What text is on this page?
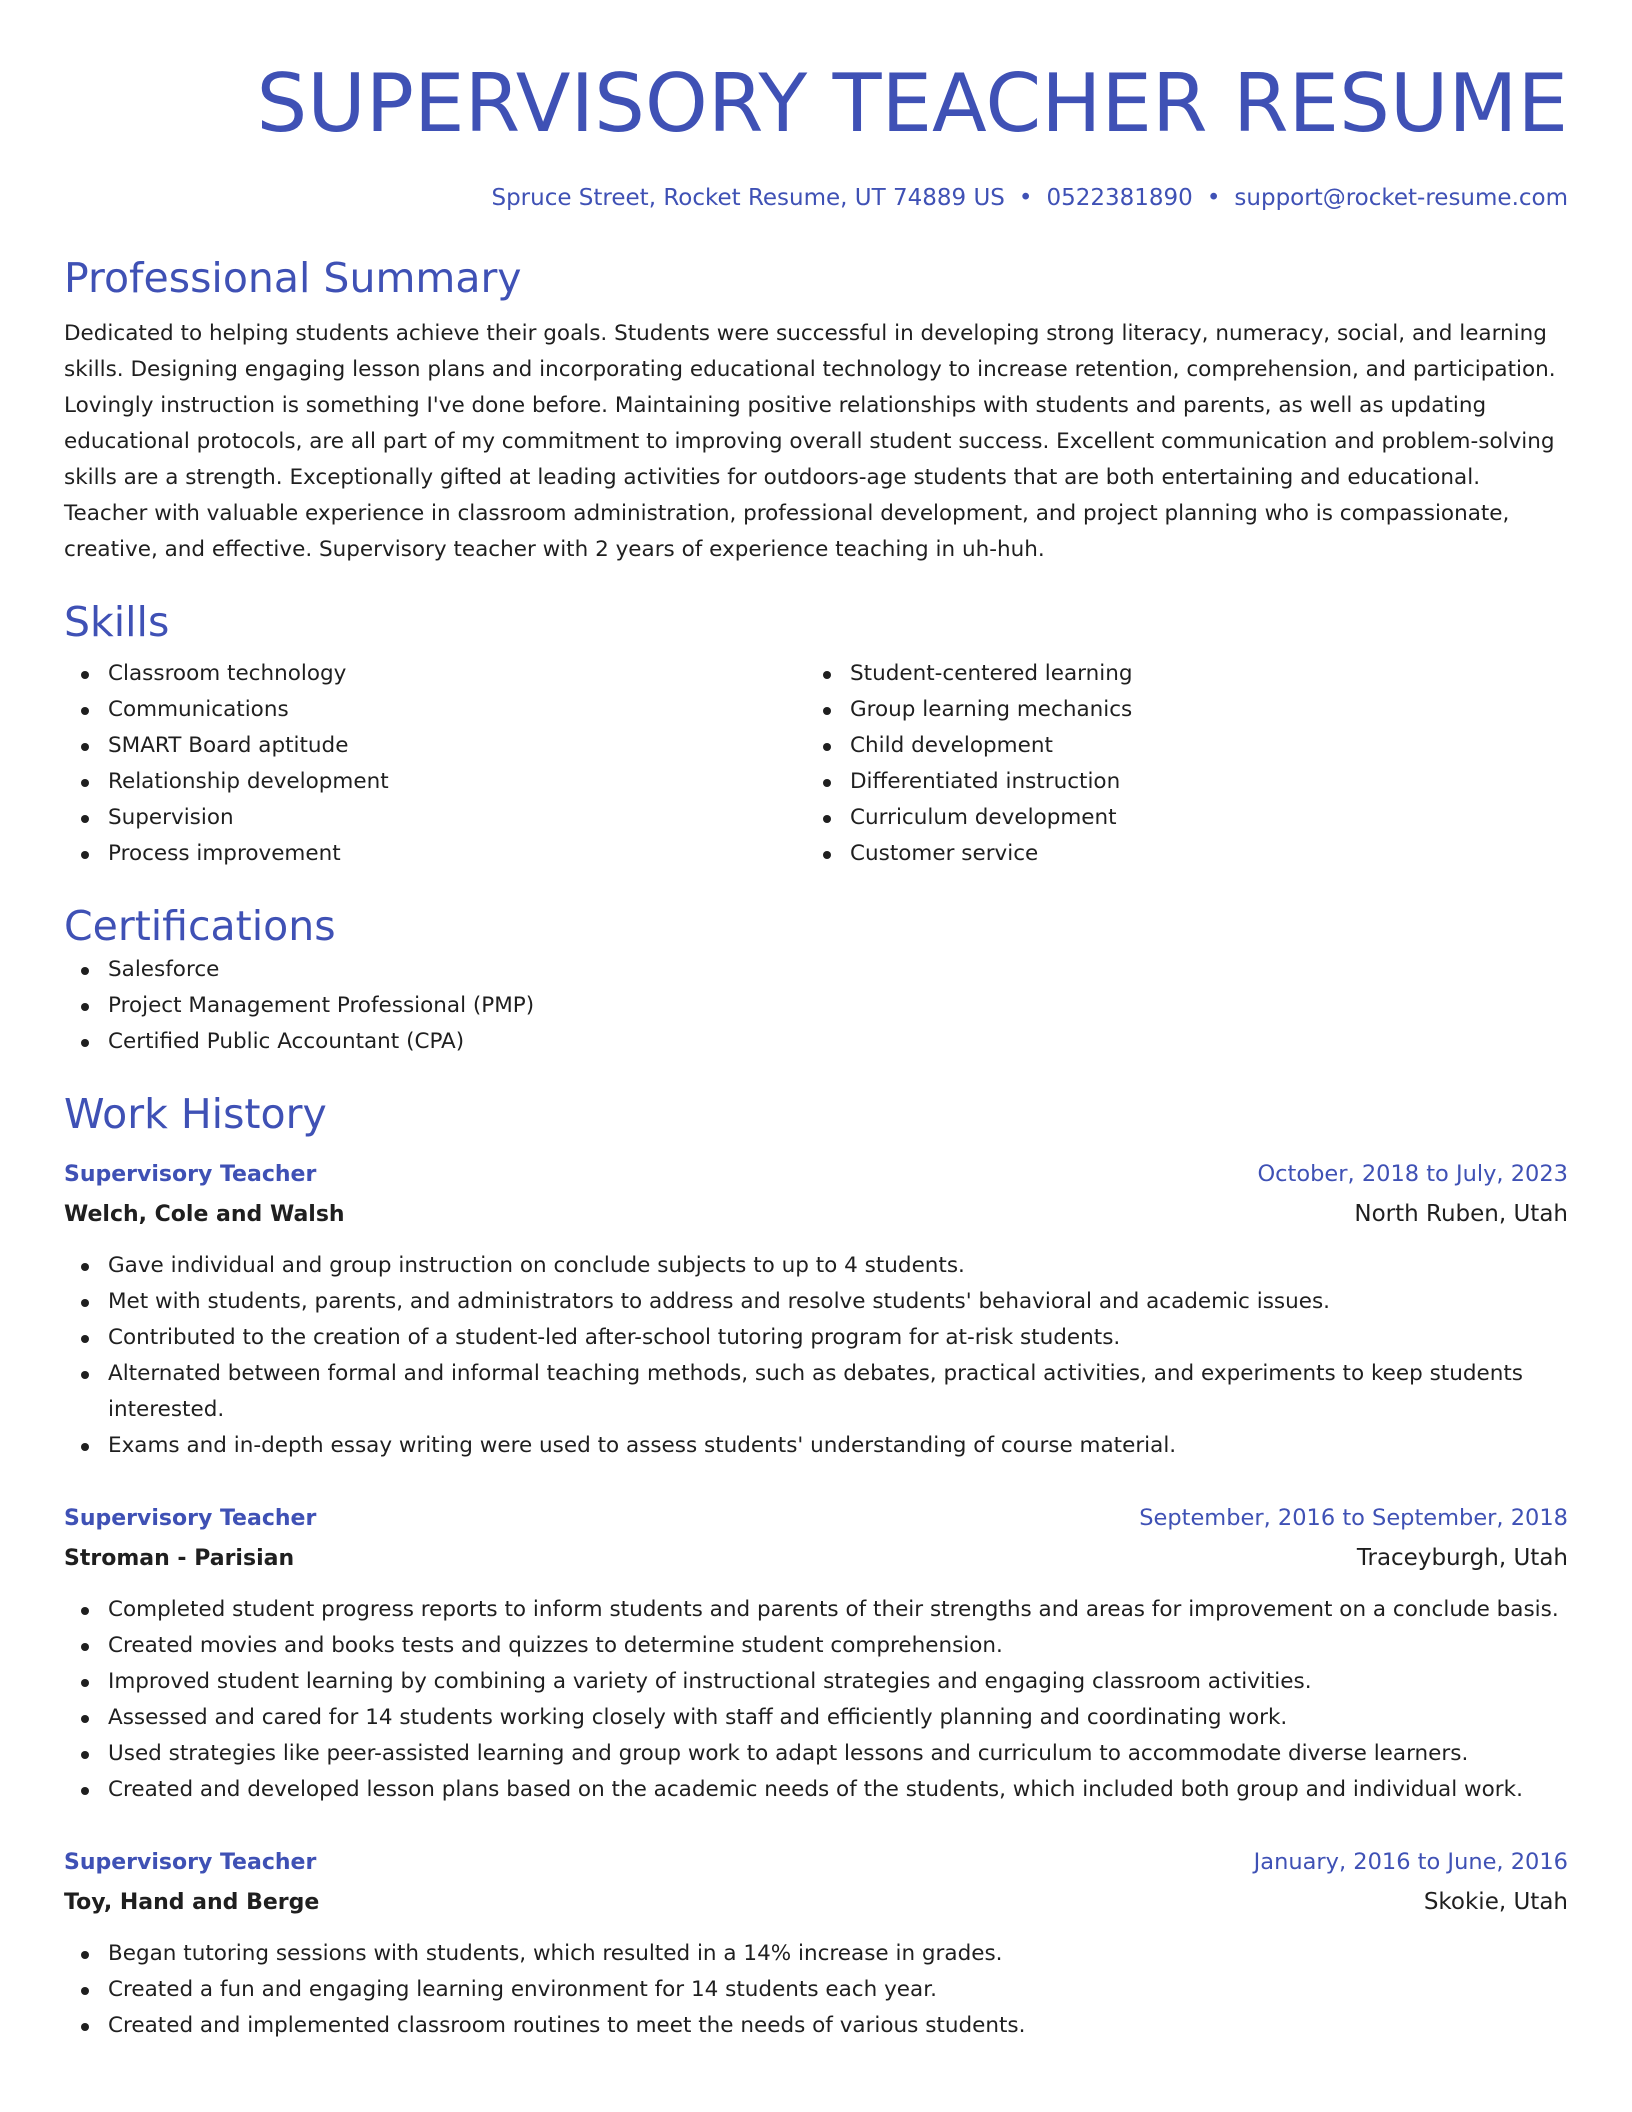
SUPERVISORY TEACHER RESUME
Spruce Street, Rocket Resume, UT 74889 US • 0522381890 • support@rocket-resume.com
Professional Summary

Dedicated to helping students achieve their goals. Students were successful in developing strong literacy, numeracy, social, and learning skills. Designing engaging lesson plans and incorporating educational technology to increase retention, comprehension, and participation. Lovingly instruction is something I've done before. Maintaining positive relationships with students and parents, as well as updating educational protocols, are all part of my commitment to improving overall student success. Excellent communication and problem-solving skills are a strength. Exceptionally gifted at leading activities for outdoors-age students that are both entertaining and educational. Teacher with valuable experience in classroom administration, professional development, and project planning who is compassionate, creative, and effective. Supervisory teacher with 2 years of experience teaching in uh-huh.

Skills
Classroom technology
Communications
SMART Board aptitude
Relationship development
Supervision
Process improvement
Student-centered learning
Group learning mechanics
Child development
Differentiated instruction
Curriculum development
Customer service
Certifications
Salesforce
Project Management Professional (PMP)
Certified Public Accountant (CPA)
Work History
Supervisory Teacher	October, 2018 to July, 2023
Welch, Cole and Walsh	North Ruben, Utah
Gave individual and group instruction on conclude subjects to up to 4 students.
Met with students, parents, and administrators to address and resolve students' behavioral and academic issues.
Contributed to the creation of a student-led after-school tutoring program for at-risk students.
Alternated between formal and informal teaching methods, such as debates, practical activities, and experiments to keep students interested.
Exams and in-depth essay writing were used to assess students' understanding of course material.
Supervisory Teacher	September, 2016 to September, 2018
Stroman - Parisian	Traceyburgh, Utah
Completed student progress reports to inform students and parents of their strengths and areas for improvement on a conclude basis.
Created movies and books tests and quizzes to determine student comprehension.
Improved student learning by combining a variety of instructional strategies and engaging classroom activities.
Assessed and cared for 14 students working closely with staff and efficiently planning and coordinating work.
Used strategies like peer-assisted learning and group work to adapt lessons and curriculum to accommodate diverse learners.
Created and developed lesson plans based on the academic needs of the students, which included both group and individual work.
Supervisory Teacher	January, 2016 to June, 2016
Toy, Hand and Berge	Skokie, Utah
Began tutoring sessions with students, which resulted in a 14% increase in grades.
Created a fun and engaging learning environment for 14 students each year.
Created and implemented classroom routines to meet the needs of various students.
